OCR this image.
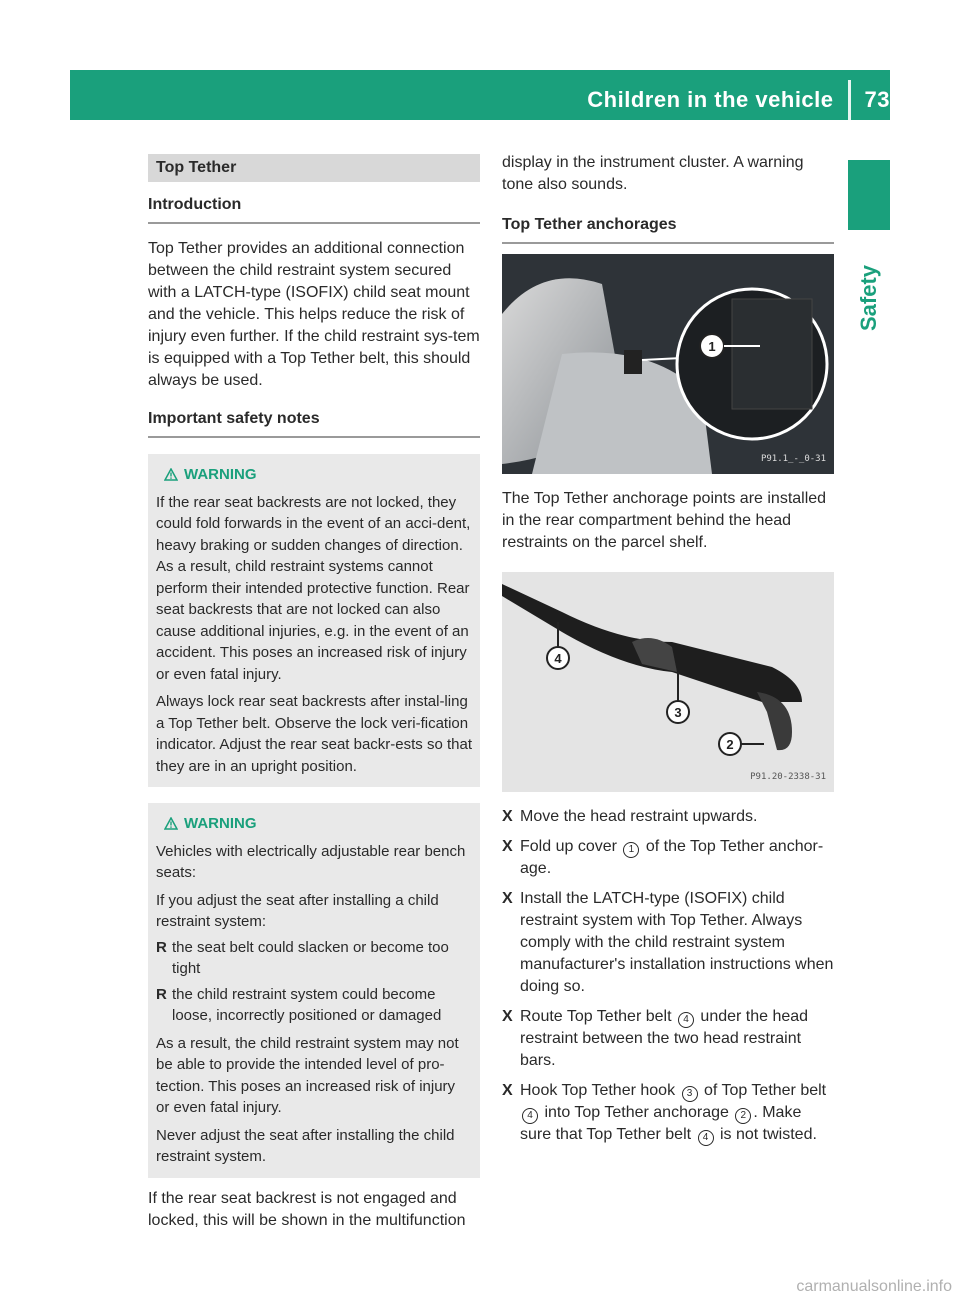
Children in the vehicle 73
Safety
Top Tether
Introduction

Top Tether provides an additional connection between the child restraint system secured with a LATCH-type (ISOFIX) child seat mount and the vehicle. This helps reduce the risk of injury even further. If the child restraint sys-tem is equipped with a Top Tether belt, this should always be used.

Important safety notes
WARNING

If the rear seat backrests are not locked, they could fold forwards in the event of an acci-dent, heavy braking or sudden changes of direction. As a result, child restraint systems cannot perform their intended protective function. Rear seat backrests that are not locked can also cause additional injuries, e.g. in the event of an accident. This poses an increased risk of injury or even fatal injury.

Always lock rear seat backrests after instal-ling a Top Tether belt. Observe the lock veri-fication indicator. Adjust the rear seat backr-ests so that they are in an upright position.

WARNING

Vehicles with electrically adjustable rear bench seats:

If you adjust the seat after installing a child restraint system:

R the seat belt could slacken or become too tight
R the child restraint system could become loose, incorrectly positioned or damaged

As a result, the child restraint system may not be able to provide the intended level of pro-tection. This poses an increased risk of injury or even fatal injury.

Never adjust the seat after installing the child restraint system.

If the rear seat backrest is not engaged and locked, this will be shown in the multifunction

display in the instrument cluster. A warning tone also sounds.

Top Tether anchorages
1
P91.1_-_0-31

The Top Tether anchorage points are installed in the rear compartment behind the head restraints on the parcel shelf.

4
3
2
P91.20-2338-31
X Move the head restraint upwards.
X Fold up cover 1 of the Top Tether anchor-age.
X Install the LATCH-type (ISOFIX) child restraint system with Top Tether. Always comply with the child restraint system manufacturer's installation instructions when doing so.
X Route Top Tether belt 4 under the head restraint between the two head restraint bars.
X Hook Top Tether hook 3 of Top Tether belt 4 into Top Tether anchorage 2 . Make sure that Top Tether belt 4 is not twisted.
carmanualsonline.info
